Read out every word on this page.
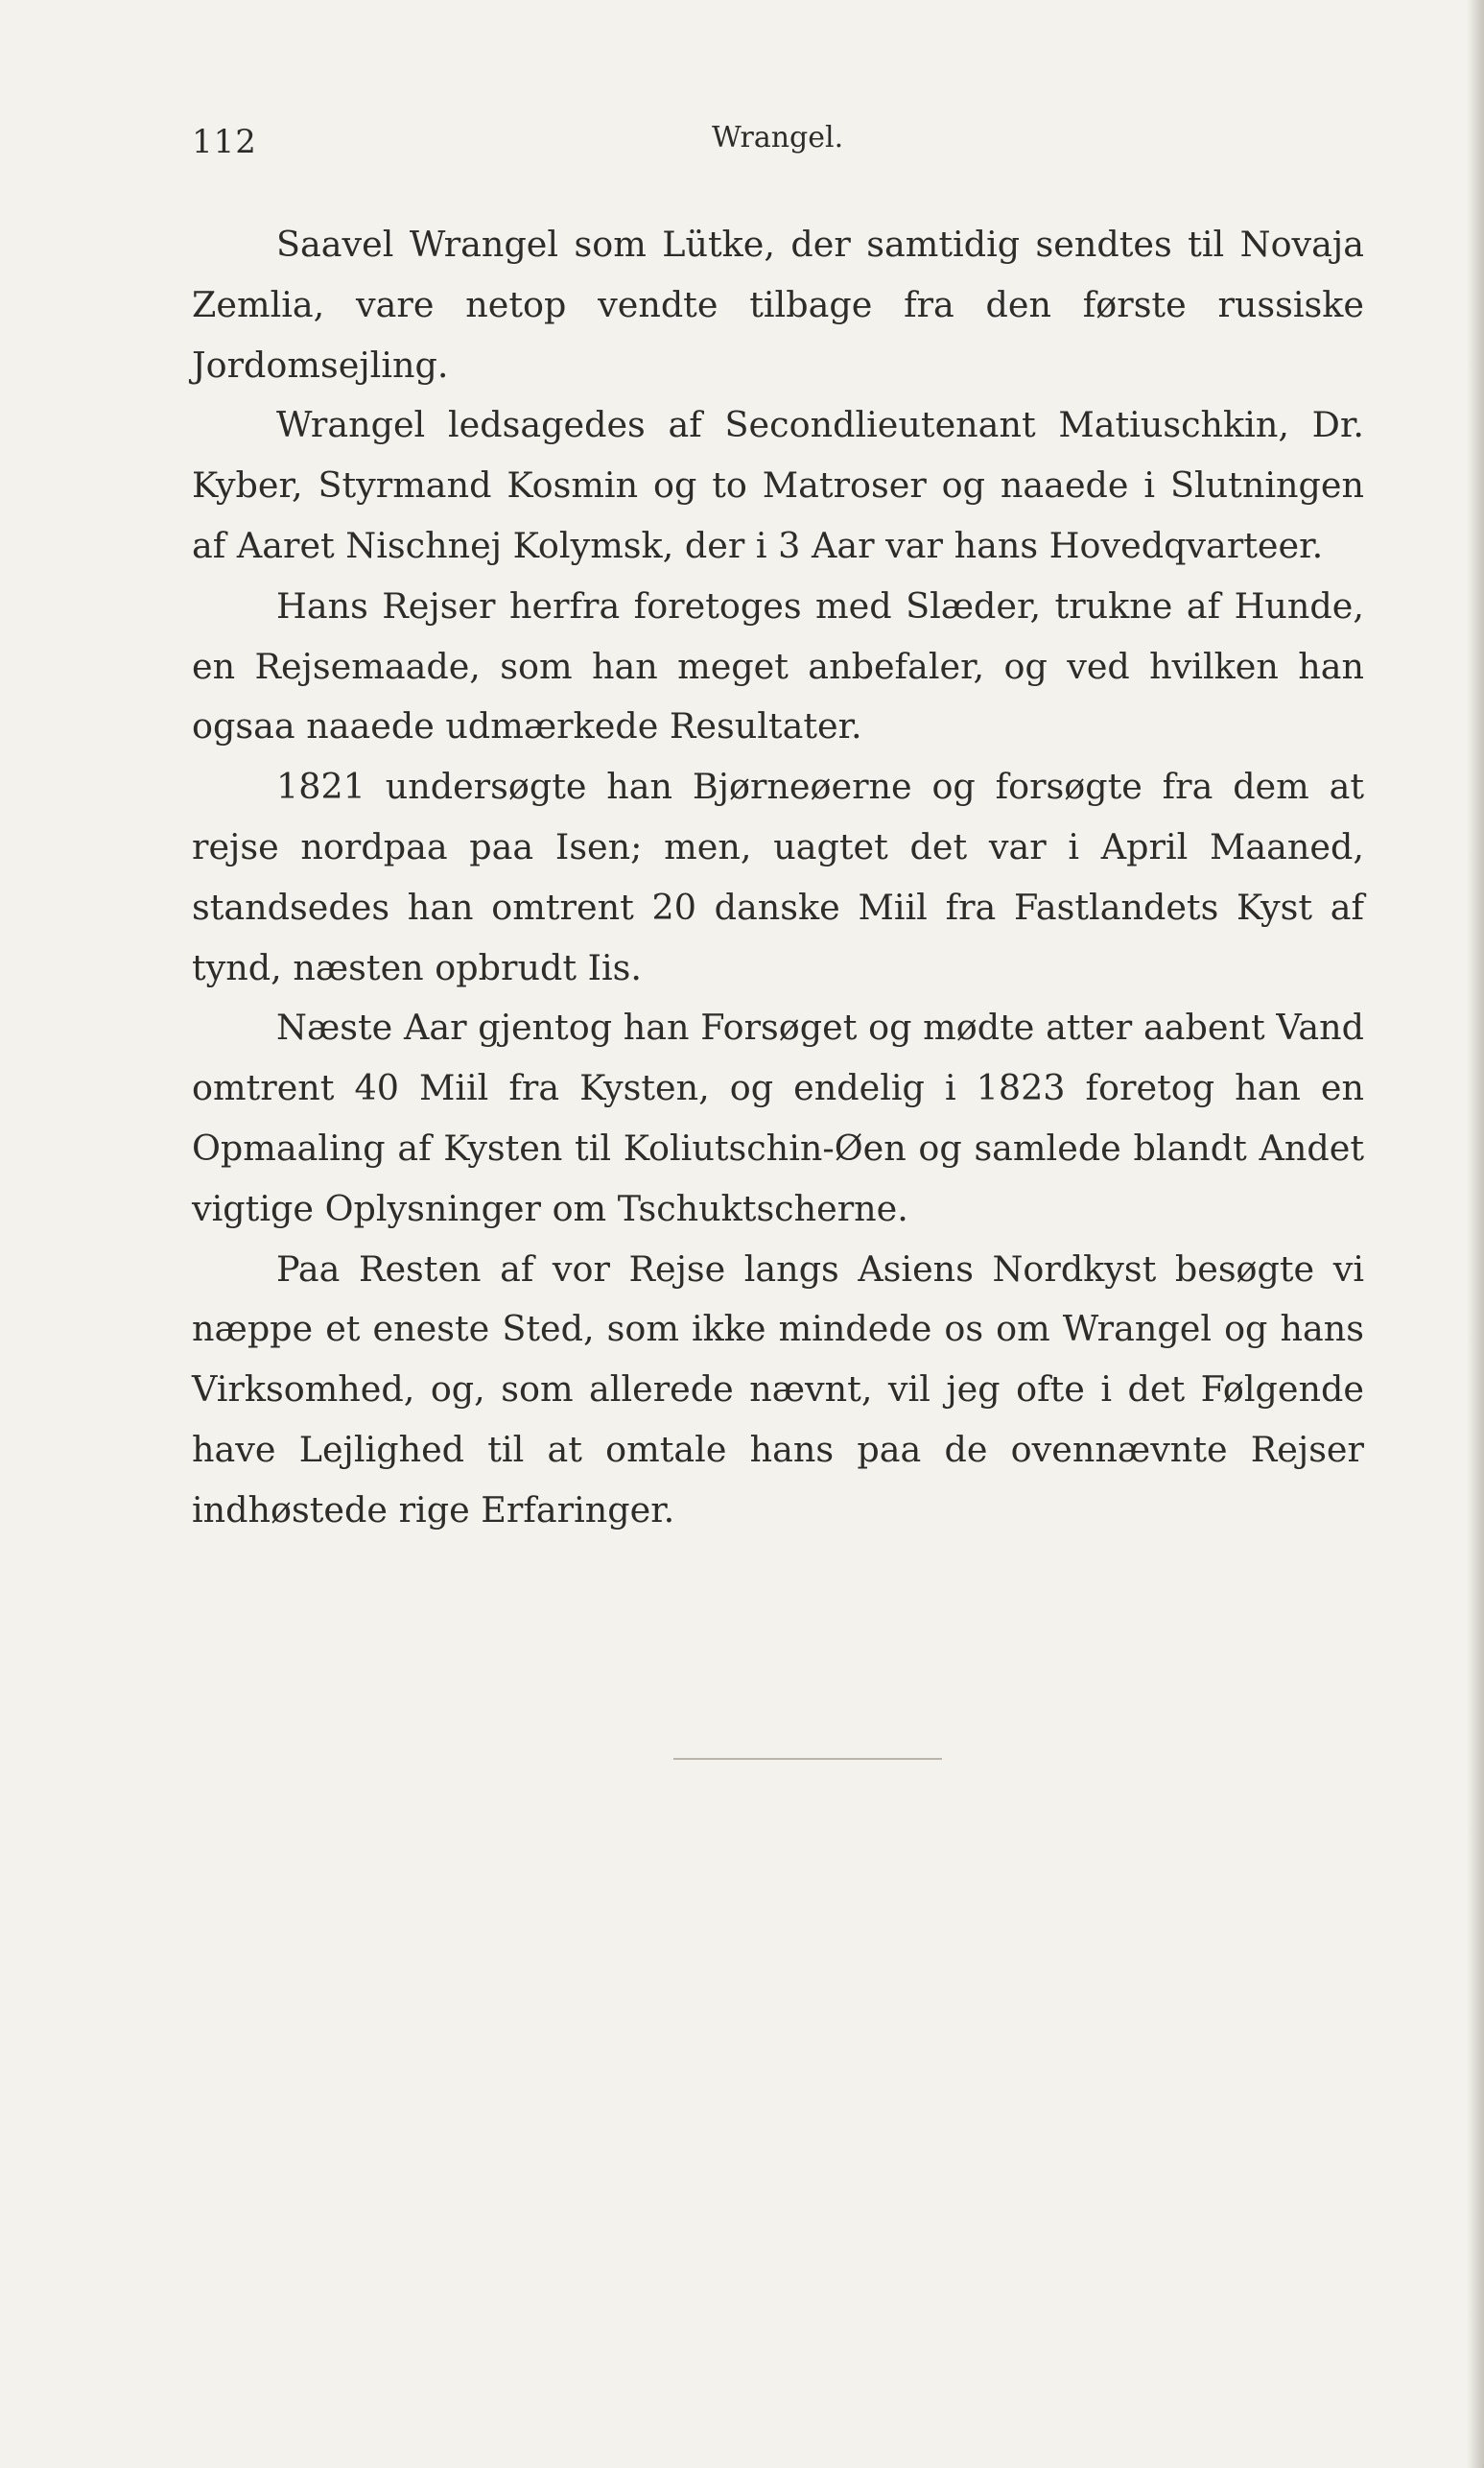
112	Wrangel.

Saavel Wrangel som Lütke, der samtidig sendtes til Novaja Zemlia, vare netop vendte tilbage fra den første russiske Jordomsejling.

Wrangel ledsagedes af Secondlieutenant Matiuschkin, Dr. Kyber, Styrmand Kosmin og to Matroser og naaede i Slutningen af Aaret Nischnej Kolymsk, der i 3 Aar var hans Hovedqvarteer.

Hans Rejser herfra foretoges med Slæder, trukne af Hunde, en Rejsemaade, som han meget anbefaler, og ved hvilken han ogsaa naaede udmærkede Resultater.

1821 undersøgte han Bjørneøerne og forsøgte fra dem at rejse nordpaa paa Isen; men, uagtet det var i April Maaned, standsedes han omtrent 20 danske Miil fra Fastlandets Kyst af tynd, næsten opbrudt Iis.

Næste Aar gjentog han Forsøget og mødte atter aabent Vand omtrent 40 Miil fra Kysten, og endelig i 1823 foretog han en Opmaaling af Kysten til Koliutschin-Øen og samlede blandt Andet vigtige Oplysninger om Tschuktscherne.

Paa Resten af vor Rejse langs Asiens Nordkyst besøgte vi næppe et eneste Sted, som ikke mindede os om Wrangel og hans Virksomhed, og, som allerede nævnt, vil jeg ofte i det Følgende have Lejlighed til at omtale hans paa de ovennævnte Rejser indhøstede rige Erfaringer.
